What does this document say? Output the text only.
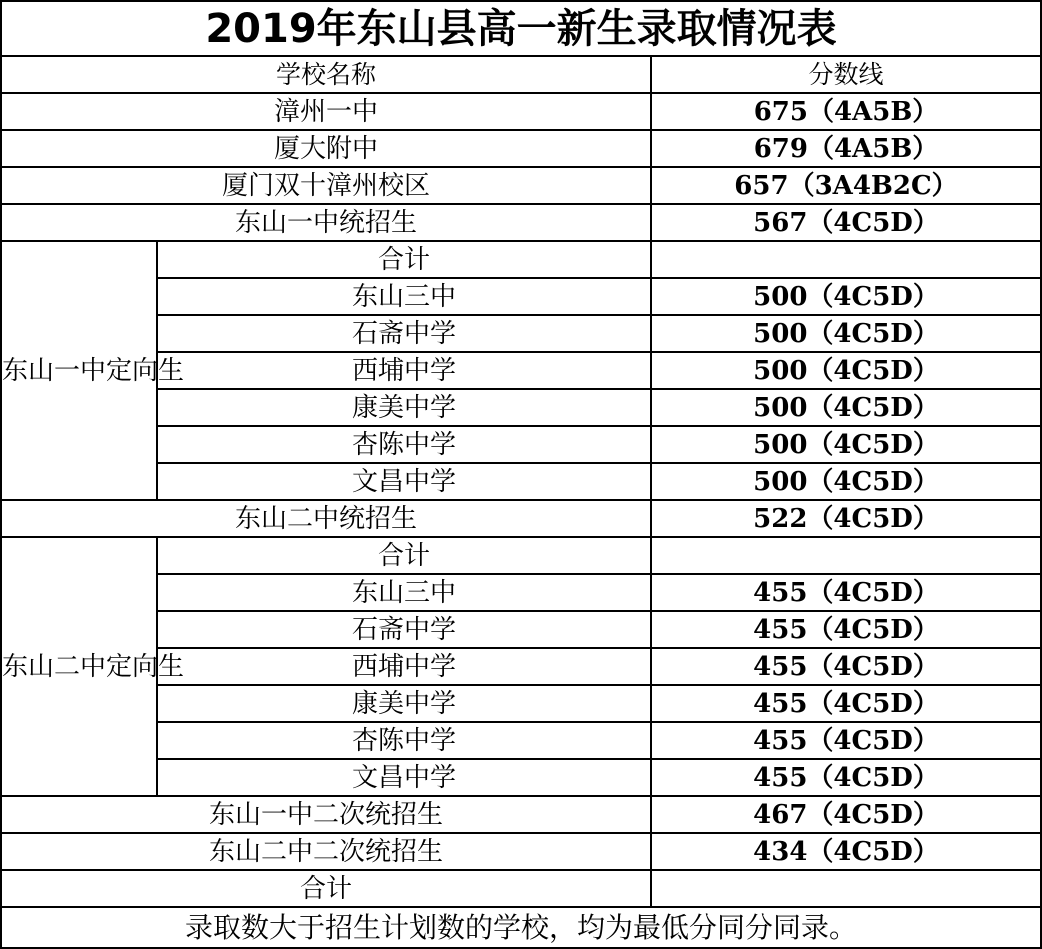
2019年东山县高一新生录取情况表		
学校名称		分数线
漳州一中		675（4A5B）
厦大附中		679（4A5B）
厦门双十漳州校区		657（3A4B2C）
东山一中统招生		567（4C5D）
东山一中定向生	合计	
	东山三中	500（4C5D）
	石斋中学	500（4C5D）
	西埔中学	500（4C5D）
	康美中学	500（4C5D）
	杏陈中学	500（4C5D）
	文昌中学	500（4C5D）
东山二中统招生		522（4C5D）
东山二中定向生	合计	
	东山三中	455（4C5D）
	石斋中学	455（4C5D）
	西埔中学	455（4C5D）
	康美中学	455（4C5D）
	杏陈中学	455（4C5D）
	文昌中学	455（4C5D）
东山一中二次统招生		467（4C5D）
东山二中二次统招生		434（4C5D）
合计		
录取数大于招生计划数的学校，均为最低分同分同录。		
